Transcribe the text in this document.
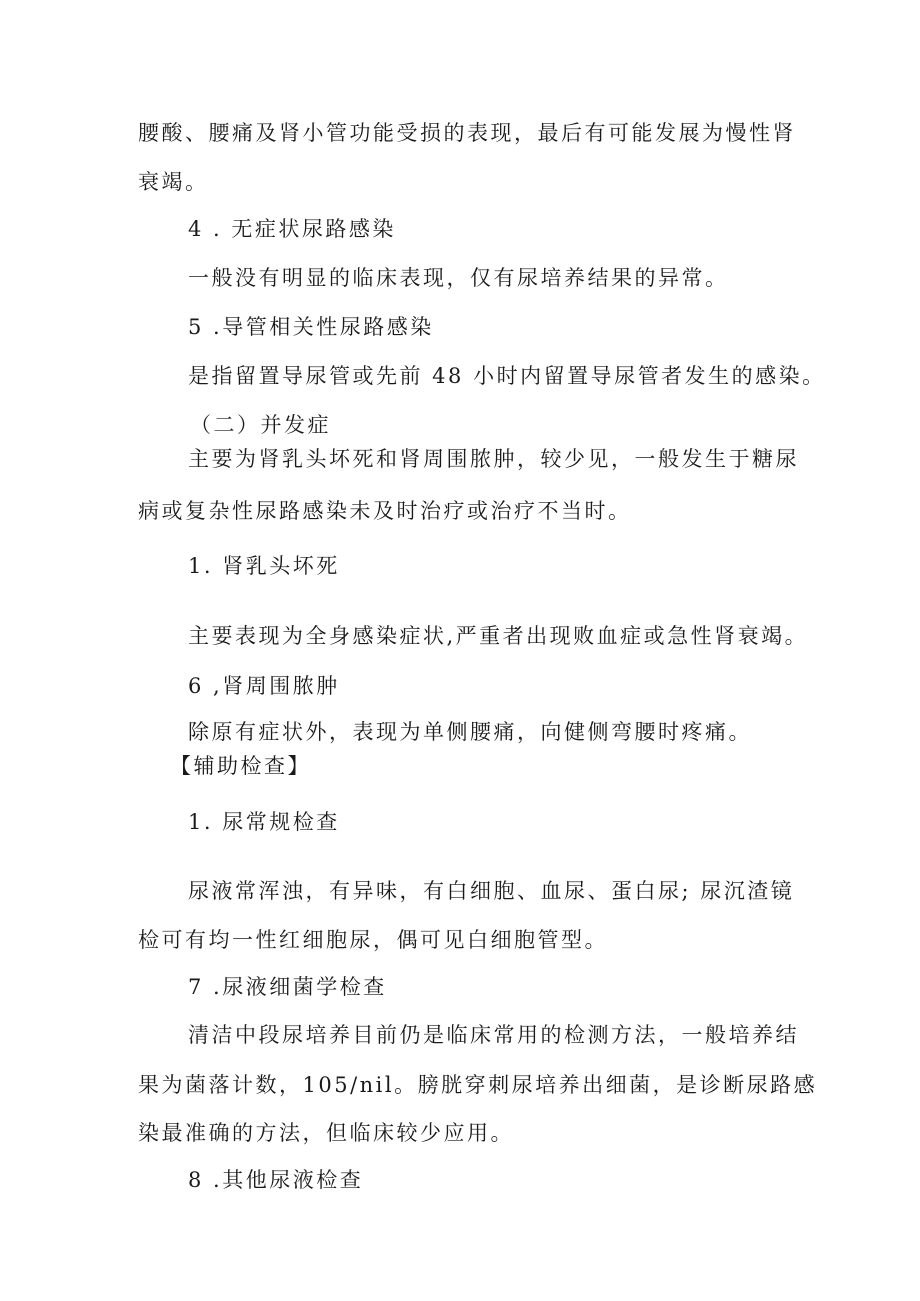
腰酸、腰痛及肾小管功能受损的表现，最后有可能发展为慢性肾
衰竭。
4 . 无症状尿路感染
一般没有明显的临床表现，仅有尿培养结果的异常。
5 .导管相关性尿路感染
是指留置导尿管或先前 48 小时内留置导尿管者发生的感染。
（二）并发症
主要为肾乳头坏死和肾周围脓肿，较少见，一般发生于糖尿
病或复杂性尿路感染未及时治疗或治疗不当时。
1. 肾乳头坏死
主要表现为全身感染症状,严重者出现败血症或急性肾衰竭。
6 ,肾周围脓肿
除原有症状外，表现为单侧腰痛，向健侧弯腰时疼痛。
【辅助检查】
1. 尿常规检查
尿液常浑浊，有异味，有白细胞、血尿、蛋白尿; 尿沉渣镜
检可有均一性红细胞尿，偶可见白细胞管型。
7 .尿液细菌学检查
清洁中段尿培养目前仍是临床常用的检测方法，一般培养结
果为菌落计数，105/nil。膀胱穿刺尿培养出细菌，是诊断尿路感
染最准确的方法，但临床较少应用。
8 .其他尿液检查
